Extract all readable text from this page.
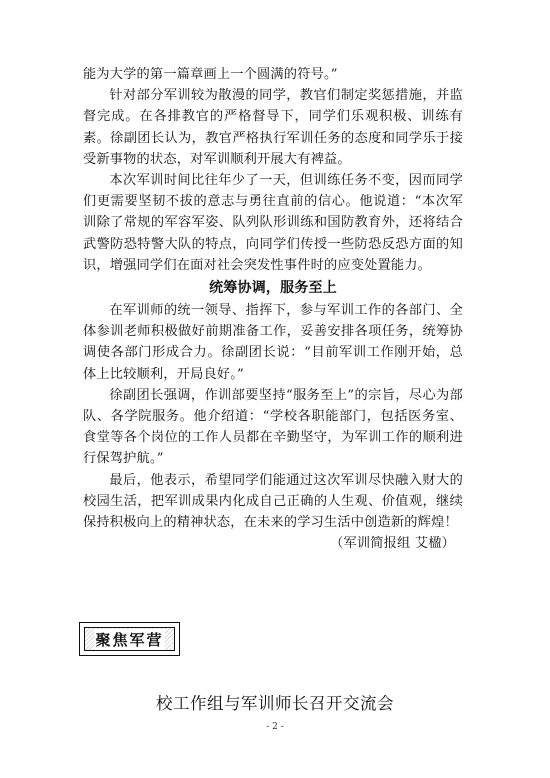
能为大学的第一篇章画上一个圆满的符号。”

针对部分军训较为散漫的同学，教官们制定奖惩措施，并监督完成。在各排教官的严格督导下，同学们乐观积极、训练有素。徐副团长认为，教官严格执行军训任务的态度和同学乐于接受新事物的状态，对军训顺利开展大有裨益。

本次军训时间比往年少了一天，但训练任务不变，因而同学们更需要坚韧不拔的意志与勇往直前的信心。他说道：“本次军训除了常规的军容军姿、队列队形训练和国防教育外，还将结合武警防恐特警大队的特点，向同学们传授一些防恐反恐方面的知识，增强同学们在面对社会突发性事件时的应变处置能力。

统筹协调，服务至上

在军训师的统一领导、指挥下，参与军训工作的各部门、全体参训老师积极做好前期准备工作，妥善安排各项任务，统筹协调使各部门形成合力。徐副团长说：“目前军训工作刚开始，总体上比较顺利，开局良好。”

徐副团长强调，作训部要坚持“服务至上”的宗旨，尽心为部队、各学院服务。他介绍道：“学校各职能部门，包括医务室、食堂等各个岗位的工作人员都在辛勤坚守，为军训工作的顺利进行保驾护航。”

最后，他表示，希望同学们能通过这次军训尽快融入财大的校园生活，把军训成果内化成自己正确的人生观、价值观，继续保持积极向上的精神状态，在未来的学习生活中创造新的辉煌！

（军训简报组 艾楹）

聚焦军营
校工作组与军训师长召开交流会
- 2 -
